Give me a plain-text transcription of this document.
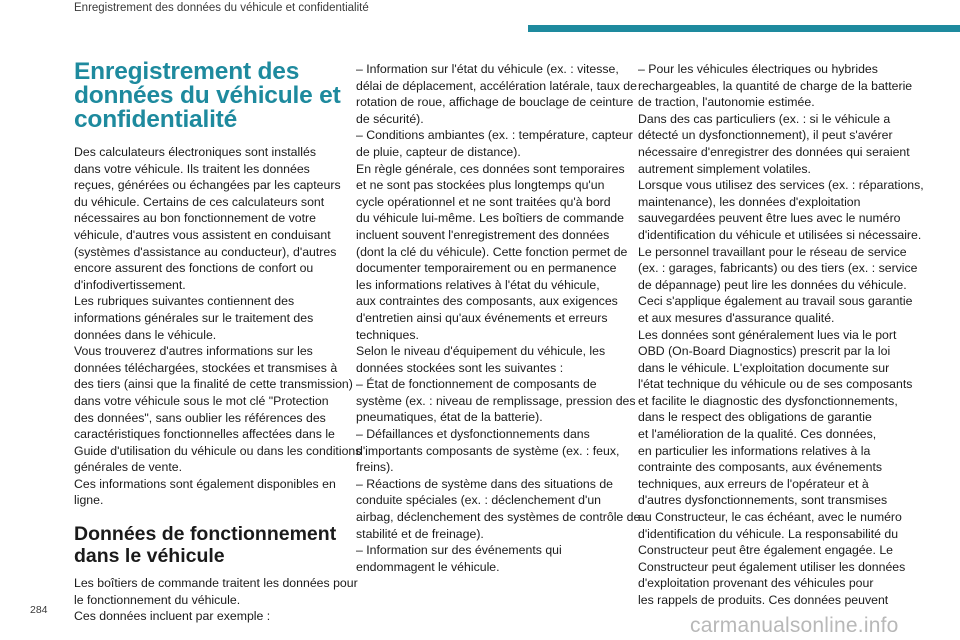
Enregistrement des données du véhicule et confidentialité
Enregistrement des
données du véhicule et
confidentialité
Des calculateurs électroniques sont installés
dans votre véhicule. Ils traitent les données
reçues, générées ou échangées par les capteurs
du véhicule. Certains de ces calculateurs sont
nécessaires au bon fonctionnement de votre
véhicule, d'autres vous assistent en conduisant
(systèmes d'assistance au conducteur), d'autres
encore assurent des fonctions de confort ou
d'infodivertissement.
Les rubriques suivantes contiennent des
informations générales sur le traitement des
données dans le véhicule.
Vous trouverez d'autres informations sur les
données téléchargées, stockées et transmises à
des tiers (ainsi que la finalité de cette transmission)
dans votre véhicule sous le mot clé "Protection
des données", sans oublier les références des
caractéristiques fonctionnelles affectées dans le
Guide d'utilisation du véhicule ou dans les conditions
générales de vente.
Ces informations sont également disponibles en
ligne.
Données de fonctionnement
dans le véhicule
Les boîtiers de commande traitent les données pour
le fonctionnement du véhicule.
Ces données incluent par exemple :
– Information sur l'état du véhicule (ex. : vitesse,
délai de déplacement, accélération latérale, taux de
rotation de roue, affichage de bouclage de ceinture
de sécurité).
– Conditions ambiantes (ex. : température, capteur
de pluie, capteur de distance).
En règle générale, ces données sont temporaires
et ne sont pas stockées plus longtemps qu'un
cycle opérationnel et ne sont traitées qu'à bord
du véhicule lui-même. Les boîtiers de commande
incluent souvent l'enregistrement des données
(dont la clé du véhicule). Cette fonction permet de
documenter temporairement ou en permanence
les informations relatives à l'état du véhicule,
aux contraintes des composants, aux exigences
d'entretien ainsi qu'aux événements et erreurs
techniques.
Selon le niveau d'équipement du véhicule, les
données stockées sont les suivantes :
– État de fonctionnement de composants de
système (ex. : niveau de remplissage, pression des
pneumatiques, état de la batterie).
– Défaillances et dysfonctionnements dans
d'importants composants de système (ex. : feux,
freins).
– Réactions de système dans des situations de
conduite spéciales (ex. : déclenchement d'un
airbag, déclenchement des systèmes de contrôle de
stabilité et de freinage).
– Information sur des événements qui
endommagent le véhicule.
– Pour les véhicules électriques ou hybrides
rechargeables, la quantité de charge de la batterie
de traction, l'autonomie estimée.
Dans des cas particuliers (ex. : si le véhicule a
détecté un dysfonctionnement), il peut s'avérer
nécessaire d'enregistrer des données qui seraient
autrement simplement volatiles.
Lorsque vous utilisez des services (ex. : réparations,
maintenance), les données d'exploitation
sauvegardées peuvent être lues avec le numéro
d'identification du véhicule et utilisées si nécessaire.
Le personnel travaillant pour le réseau de service
(ex. : garages, fabricants) ou des tiers (ex. : service
de dépannage) peut lire les données du véhicule.
Ceci s'applique également au travail sous garantie
et aux mesures d'assurance qualité.
Les données sont généralement lues via le port
OBD (On-Board Diagnostics) prescrit par la loi
dans le véhicule. L'exploitation documente sur
l'état technique du véhicule ou de ses composants
et facilite le diagnostic des dysfonctionnements,
dans le respect des obligations de garantie
et l'amélioration de la qualité. Ces données,
en particulier les informations relatives à la
contrainte des composants, aux événements
techniques, aux erreurs de l'opérateur et à
d'autres dysfonctionnements, sont transmises
au Constructeur, le cas échéant, avec le numéro
d'identification du véhicule. La responsabilité du
Constructeur peut être également engagée. Le
Constructeur peut également utiliser les données
d'exploitation provenant des véhicules pour
les rappels de produits. Ces données peuvent
284
carmanualsonline.info
